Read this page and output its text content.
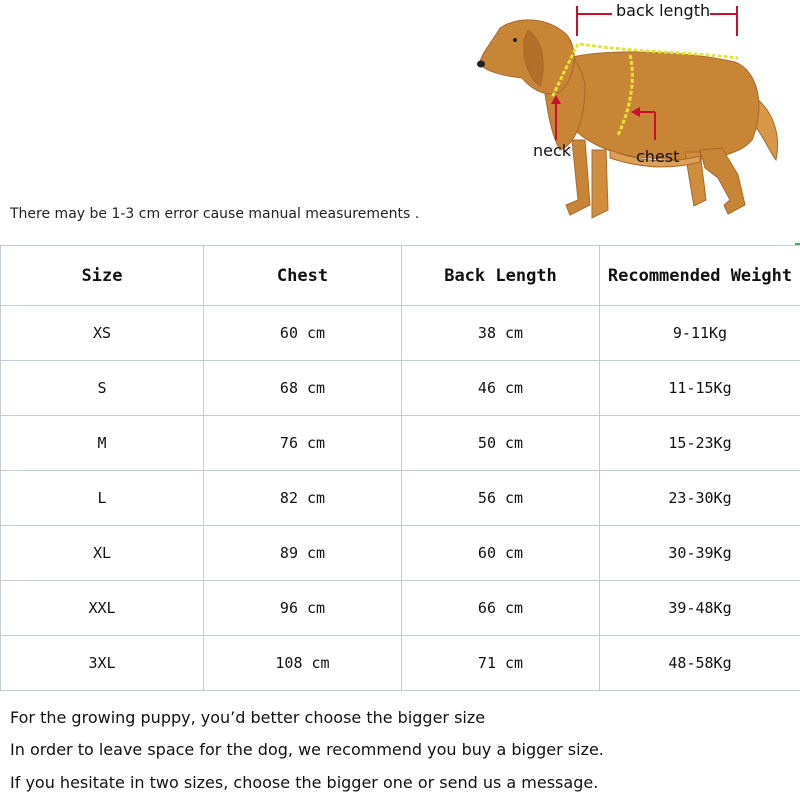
back length
neck	chest
There may be 1-3 cm error cause manual measurements .
Size	Chest	Back Length	Recommended Weight
XS	60 cm	38 cm	9-11Kg
S	68 cm	46 cm	11-15Kg
M	76 cm	50 cm	15-23Kg
L	82 cm	56 cm	23-30Kg
XL	89 cm	60 cm	30-39Kg
XXL	96 cm	66 cm	39-48Kg
3XL	108 cm	71 cm	48-58Kg
For the growing puppy, you’d better choose the bigger size
In order to leave space for the dog, we recommend you buy a bigger size.
If you hesitate in two sizes, choose the bigger one or send us a message.
